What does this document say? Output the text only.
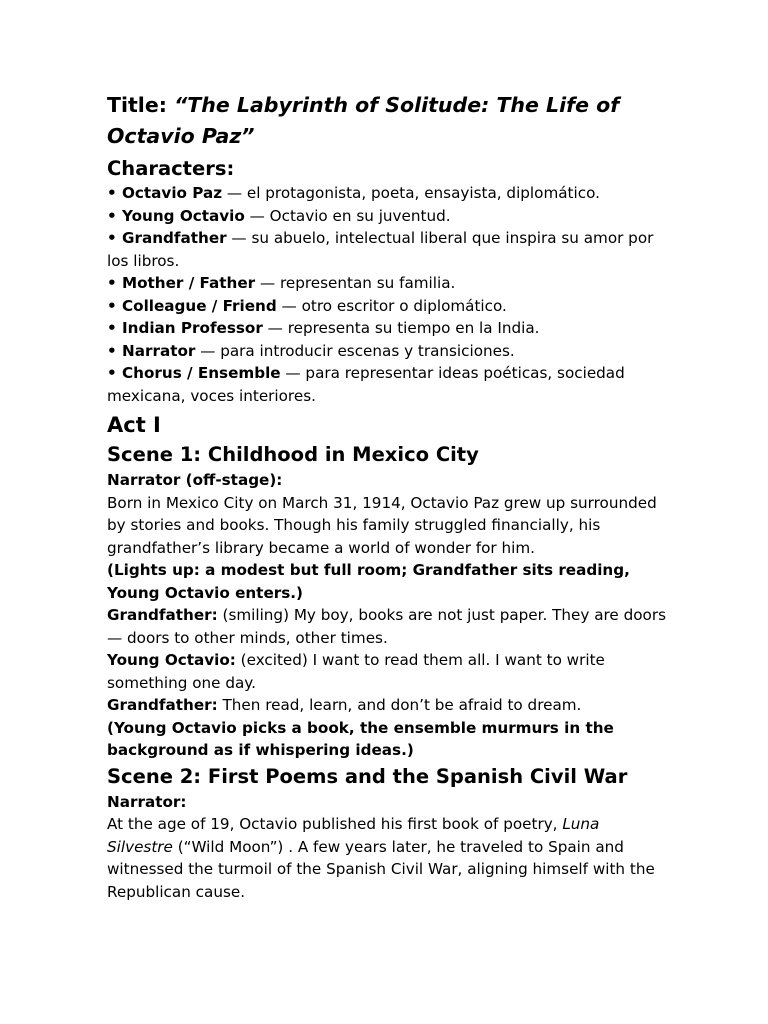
Title: “The Labyrinth of Solitude: The Life of Octavio Paz”
Characters:
• Octavio Paz — el protagonista, poeta, ensayista, diplomático.
• Young Octavio — Octavio en su juventud.
• Grandfather — su abuelo, intelectual liberal que inspira su amor por los libros.
• Mother / Father — representan su familia.
• Colleague / Friend — otro escritor o diplomático.
• Indian Professor — representa su tiempo en la India.
• Narrator — para introducir escenas y transiciones.
• Chorus / Ensemble — para representar ideas poéticas, sociedad mexicana, voces interiores.
Act I
Scene 1: Childhood in Mexico City
Narrator (off-stage):
Born in Mexico City on March 31, 1914, Octavio Paz grew up surrounded by stories and books. Though his family struggled financially, his grandfather’s library became a world of wonder for him.
(Lights up: a modest but full room; Grandfather sits reading, Young Octavio enters.)
Grandfather: (smiling) My boy, books are not just paper. They are doors — doors to other minds, other times.
Young Octavio: (excited) I want to read them all. I want to write something one day.
Grandfather: Then read, learn, and don’t be afraid to dream.
(Young Octavio picks a book, the ensemble murmurs in the background as if whispering ideas.)
Scene 2: First Poems and the Spanish Civil War
Narrator:
At the age of 19, Octavio published his first book of poetry, Luna Silvestre (“Wild Moon”) . A few years later, he traveled to Spain and witnessed the turmoil of the Spanish Civil War, aligning himself with the Republican cause.
